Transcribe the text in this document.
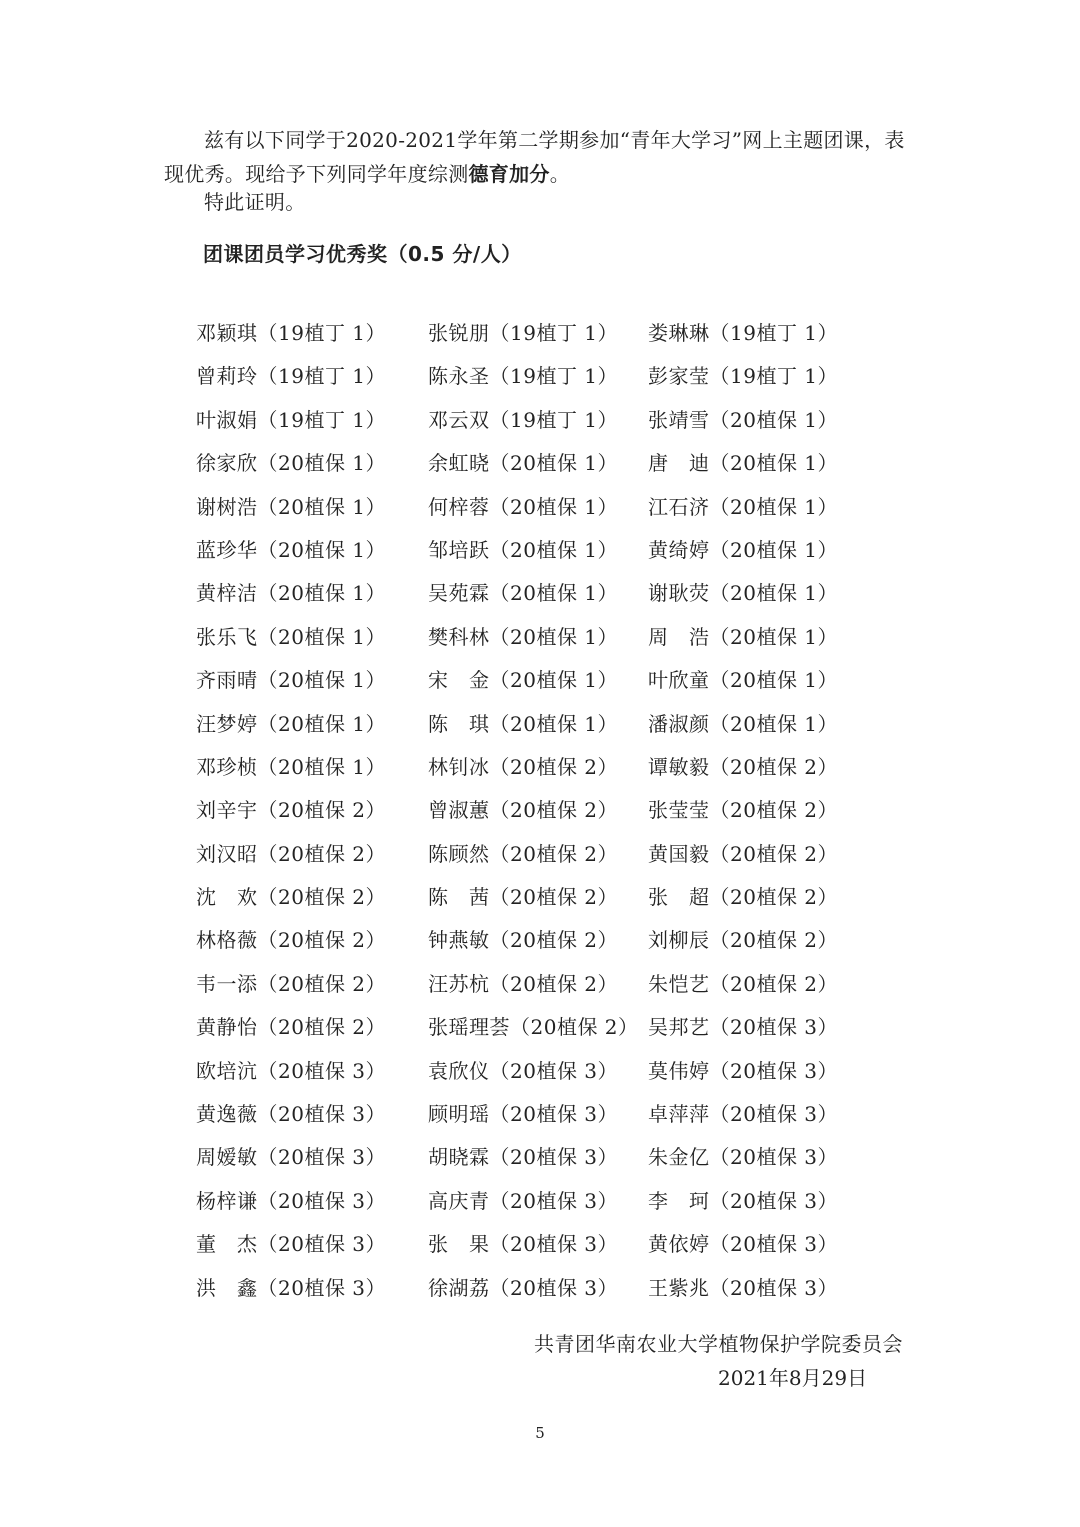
兹有以下同学于2020-2021学年第二学期参加“青年大学习”网上主题团课，表现优秀。现给予下列同学年度综测德育加分。
特此证明。
团课团员学习优秀奖（0.5 分/人）
邓颖琪（19植丁 1）	张锐朋（19植丁 1）	娄琳琳（19植丁 1）
曾莉玲（19植丁 1）	陈永圣（19植丁 1）	彭家莹（19植丁 1）
叶淑娟（19植丁 1）	邓云双（19植丁 1）	张靖雪（20植保 1）
徐家欣（20植保 1）	余虹晓（20植保 1）	唐　迪（20植保 1）
谢树浩（20植保 1）	何梓蓉（20植保 1）	江石济（20植保 1）
蓝珍华（20植保 1）	邹培跃（20植保 1）	黄绮婷（20植保 1）
黄梓洁（20植保 1）	吴苑霖（20植保 1）	谢耿荧（20植保 1）
张乐飞（20植保 1）	樊科林（20植保 1）	周　浩（20植保 1）
齐雨晴（20植保 1）	宋　金（20植保 1）	叶欣童（20植保 1）
汪梦婷（20植保 1）	陈　琪（20植保 1）	潘淑颜（20植保 1）
邓珍桢（20植保 1）	林钊冰（20植保 2）	谭敏毅（20植保 2）
刘辛宇（20植保 2）	曾淑蕙（20植保 2）	张莹莹（20植保 2）
刘汉昭（20植保 2）	陈顾然（20植保 2）	黄国毅（20植保 2）
沈　欢（20植保 2）	陈　茜（20植保 2）	张　超（20植保 2）
林格薇（20植保 2）	钟燕敏（20植保 2）	刘柳辰（20植保 2）
韦一添（20植保 2）	汪苏杭（20植保 2）	朱恺艺（20植保 2）
黄静怡（20植保 2）	张瑶理荟（20植保 2） 吴邦艺（20植保 3）
欧培沆（20植保 3）	袁欣仪（20植保 3）	莫伟婷（20植保 3）
黄逸薇（20植保 3）	顾明瑶（20植保 3）	卓萍萍（20植保 3）
周嫒敏（20植保 3）	胡晓霖（20植保 3）	朱金亿（20植保 3）
杨梓谦（20植保 3）	高庆青（20植保 3）	李　珂（20植保 3）
董　杰（20植保 3）	张　果（20植保 3）	黄依婷（20植保 3）
洪　鑫（20植保 3）	徐湖荔（20植保 3）	王紫兆（20植保 3）
共青团华南农业大学植物保护学院委员会
2021年8月29日
5
